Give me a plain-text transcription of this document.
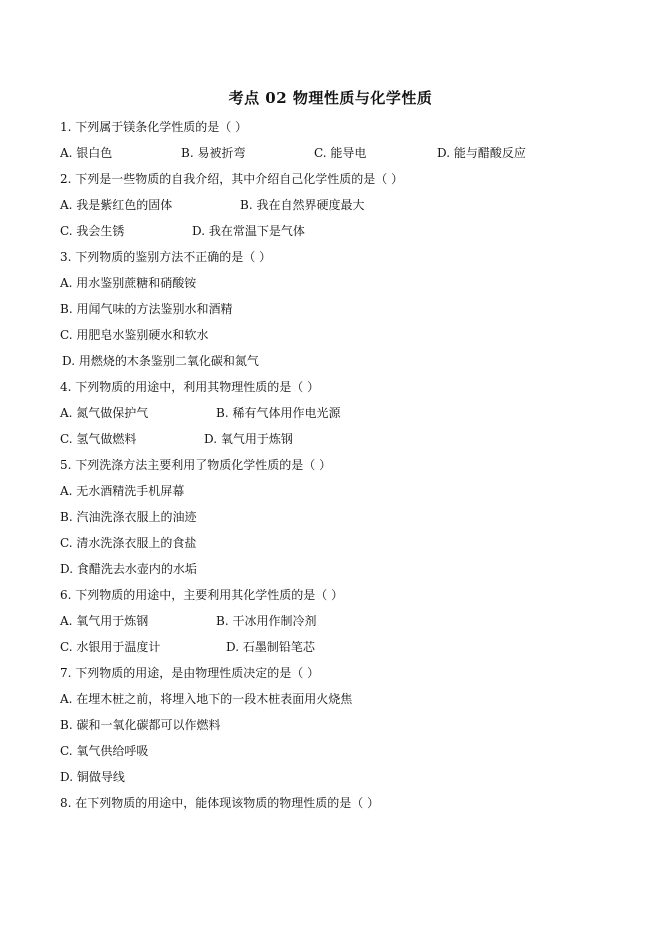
考点 02 物理性质与化学性质
1. 下列属于镁条化学性质的是（ ）
A. 银白色	B. 易被折弯	C. 能导电	D. 能与醋酸反应
2. 下列是一些物质的自我介绍，其中介绍自己化学性质的是（ ）
A. 我是紫红色的固体	B. 我在自然界硬度最大
C. 我会生锈	D. 我在常温下是气体
3. 下列物质的鉴别方法不正确的是（ ）
A. 用水鉴别蔗糖和硝酸铵
B. 用闻气味的方法鉴别水和酒精
C. 用肥皂水鉴别硬水和软水
D. 用燃烧的木条鉴别二氧化碳和氮气
4. 下列物质的用途中，利用其物理性质的是（ ）
A. 氮气做保护气	B. 稀有气体用作电光源
C. 氢气做燃料	D. 氧气用于炼钢
5. 下列洗涤方法主要利用了物质化学性质的是（ ）
A. 无水酒精洗手机屏幕
B. 汽油洗涤衣服上的油迹
C. 清水洗涤衣服上的食盐
D. 食醋洗去水壶内的水垢
6. 下列物质的用途中，主要利用其化学性质的是（ ）
A. 氧气用于炼钢	B. 干冰用作制冷剂
C. 水银用于温度计	D. 石墨制铅笔芯
7. 下列物质的用途，是由物理性质决定的是（ ）
A. 在埋木桩之前，将埋入地下的一段木桩表面用火烧焦
B. 碳和一氧化碳都可以作燃料
C. 氧气供给呼吸
D. 铜做导线
8. 在下列物质的用途中，能体现该物质的物理性质的是（ ）
